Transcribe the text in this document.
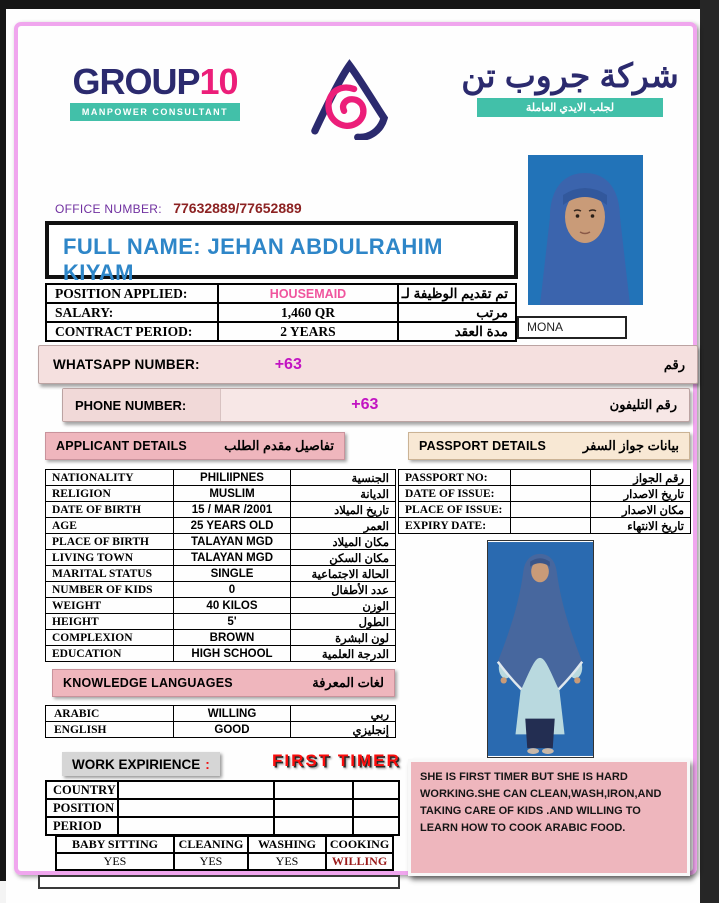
GROUP10
MANPOWER CONSULTANT
شركة جروب تن
لجلب الايدي العاملة
OFFICE NUMBER: 77632889/77652889
FULL NAME: JEHAN ABDULRAHIM KIYAM
MONA
POSITION APPLIED:	HOUSEMAID	تم تقديم الوظيفة لـ
SALARY:	1,460 QR	مرتب
CONTRACT PERIOD:	2 YEARS	مدة العقد
WHATSAPP NUMBER:	+63	رقم
PHONE NUMBER:	+63	رقم التليفون
APPLICANT DETAILS	تفاصيل مقدم الطلب	PASSPORT DETAILS	بيانات جواز السفر
NATIONALITY	PHILIIPNES	الجنسية
RELIGION	MUSLIM	الديانة
DATE OF BIRTH	15 / MAR /2001	تاريخ الميلاد
AGE	25 YEARS OLD	العمر
PLACE OF BIRTH	TALAYAN MGD	مكان الميلاد
LIVING TOWN	TALAYAN MGD	مكان السكن
MARITAL STATUS	SINGLE	الحالة الاجتماعية
NUMBER OF KIDS	0	عدد الأطفال
WEIGHT	40 KILOS	الوزن
HEIGHT	5'	الطول
COMPLEXION	BROWN	لون البشرة
EDUCATION	HIGH SCHOOL	الدرجة العلمية
PASSPORT NO:		رقم الجواز
DATE OF ISSUE:		تاريخ الاصدار
PLACE OF ISSUE:		مكان الاصدار
EXPIRY DATE:		تاريخ الانتهاء
KNOWLEDGE LANGUAGES	لغات المعرفة
ARABIC	WILLING	ربي
ENGLISH	GOOD	إنجليزي
WORK EXPIRIENCE :	FIRST TIMER
COUNTRY			
POSITION			
PERIOD			
BABY SITTING	CLEANING	WASHING	COOKING
YES	YES	YES	WILLING
SHE IS FIRST TIMER BUT SHE IS HARD WORKING.SHE CAN CLEAN,WASH,IRON,AND TAKING CARE OF KIDS .AND WILLING TO LEARN HOW TO COOK ARABIC FOOD.
